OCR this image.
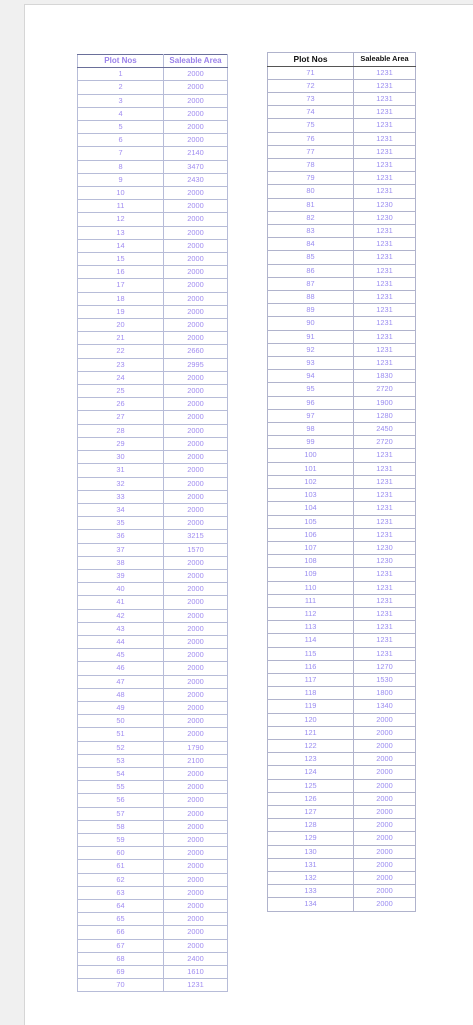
Plot Nos	Saleable Area
1	2000
2	2000
3	2000
4	2000
5	2000
6	2000
7	2140
8	3470
9	2430
10	2000
11	2000
12	2000
13	2000
14	2000
15	2000
16	2000
17	2000
18	2000
19	2000
20	2000
21	2000
22	2660
23	2995
24	2000
25	2000
26	2000
27	2000
28	2000
29	2000
30	2000
31	2000
32	2000
33	2000
34	2000
35	2000
36	3215
37	1570
38	2000
39	2000
40	2000
41	2000
42	2000
43	2000
44	2000
45	2000
46	2000
47	2000
48	2000
49	2000
50	2000
51	2000
52	1790
53	2100
54	2000
55	2000
56	2000
57	2000
58	2000
59	2000
60	2000
61	2000
62	2000
63	2000
64	2000
65	2000
66	2000
67	2000
68	2400
69	1610
70	1231
Plot Nos	Saleable Area
71	1231
72	1231
73	1231
74	1231
75	1231
76	1231
77	1231
78	1231
79	1231
80	1231
81	1230
82	1230
83	1231
84	1231
85	1231
86	1231
87	1231
88	1231
89	1231
90	1231
91	1231
92	1231
93	1231
94	1830
95	2720
96	1900
97	1280
98	2450
99	2720
100	1231
101	1231
102	1231
103	1231
104	1231
105	1231
106	1231
107	1230
108	1230
109	1231
110	1231
111	1231
112	1231
113	1231
114	1231
115	1231
116	1270
117	1530
118	1800
119	1340
120	2000
121	2000
122	2000
123	2000
124	2000
125	2000
126	2000
127	2000
128	2000
129	2000
130	2000
131	2000
132	2000
133	2000
134	2000
